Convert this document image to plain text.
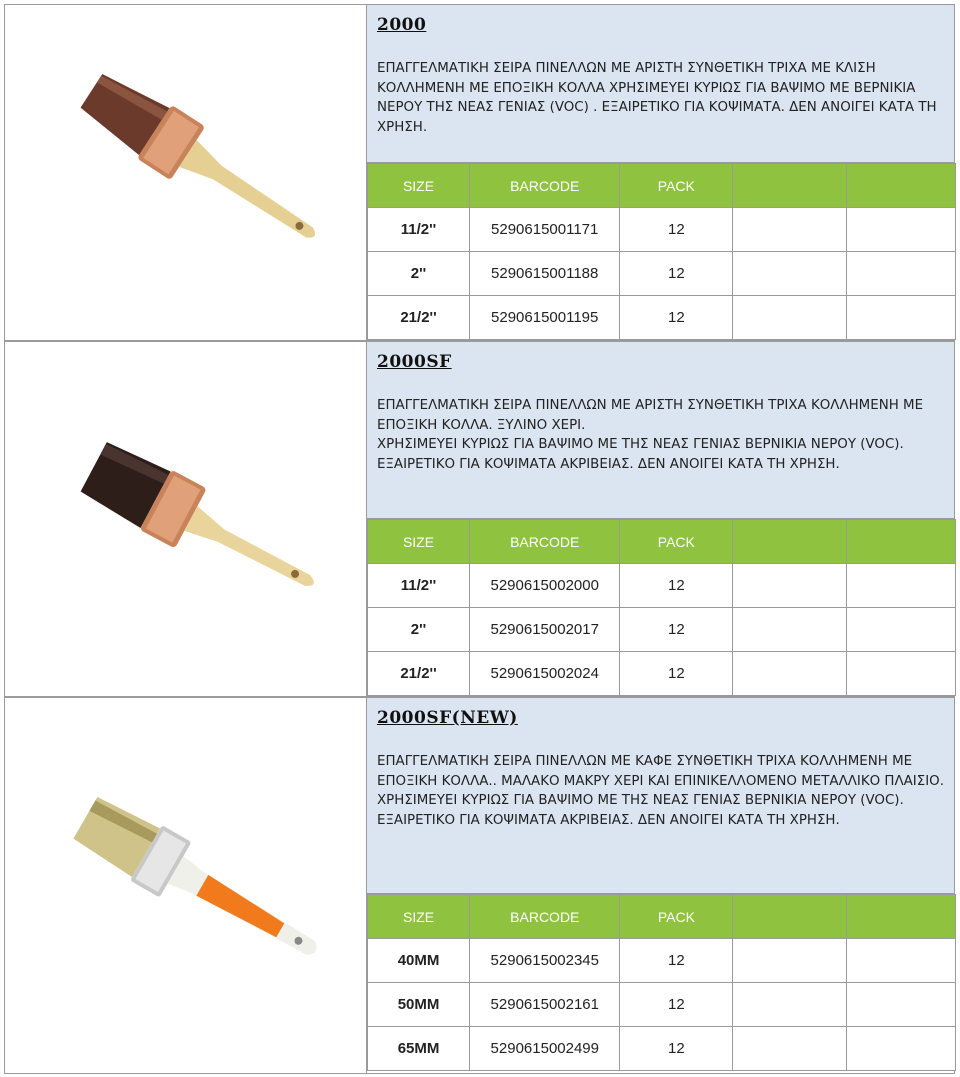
2000

ΕΠΑΓΓΕΛΜΑΤΙΚΗ ΣΕΙΡΑ ΠΙΝΕΛΛΩΝ ΜΕ ΑΡΙΣΤΗ ΣΥΝΘΕΤΙΚΗ ΤΡΙΧΑ ΜΕ ΚΛΙΣΗ ΚΟΛΛΗΜΕΝΗ ΜΕ ΕΠΟΞΙΚΗ ΚΟΛΛΑ ΧΡΗΣΙΜΕΥΕΙ ΚΥΡΙΩΣ ΓΙΑ ΒΑΨΙΜΟ ΜΕ ΒΕΡΝΙΚΙΑ ΝΕΡΟΥ ΤΗΣ ΝΕΑΣ ΓΕΝΙΑΣ (VOC) . ΕΞΑΙΡΕΤΙΚΟ ΓΙΑ ΚΟΨΙΜΑΤΑ. ΔΕΝ ΑΝΟΙΓΕΙ ΚΑΤΑ ΤΗ ΧΡΗΣΗ.

SIZE	BARCODE	PACK		
11/2''	5290615001171	12		
2''	5290615001188	12		
21/2''	5290615001195	12		
2000SF

ΕΠΑΓΓΕΛΜΑΤΙΚΗ ΣΕΙΡΑ ΠΙΝΕΛΛΩΝ ΜΕ ΑΡΙΣΤΗ ΣΥΝΘΕΤΙΚΗ ΤΡΙΧΑ ΚΟΛΛΗΜΕΝΗ ΜΕ ΕΠΟΞΙΚΗ ΚΟΛΛΑ. ΞΥΛΙΝΟ ΧΕΡΙ.

ΧΡΗΣΙΜΕΥΕΙ ΚΥΡΙΩΣ ΓΙΑ ΒΑΨΙΜΟ ΜΕ ΤΗΣ ΝΕΑΣ ΓΕΝΙΑΣ ΒΕΡΝΙΚΙΑ ΝΕΡΟΥ (VOC). ΕΞΑΙΡΕΤΙΚΟ ΓΙΑ ΚΟΨΙΜΑΤΑ ΑΚΡΙΒΕΙΑΣ. ΔΕΝ ΑΝΟΙΓΕΙ ΚΑΤΑ ΤΗ ΧΡΗΣΗ.

SIZE	BARCODE	PACK		
11/2''	5290615002000	12		
2''	5290615002017	12		
21/2''	5290615002024	12		
2000SF(NEW)

ΕΠΑΓΓΕΛΜΑΤΙΚΗ ΣΕΙΡΑ ΠΙΝΕΛΛΩΝ ΜΕ ΚΑΦΕ ΣΥΝΘΕΤΙΚΗ ΤΡΙΧΑ ΚΟΛΛΗΜΕΝΗ ΜΕ ΕΠΟΞΙΚΗ ΚΟΛΛΑ.. ΜΑΛΑΚΟ ΜΑΚΡΥ ΧΕΡΙ ΚΑΙ ΕΠΙΝΙΚΕΛΛΟΜΕΝΟ ΜΕΤΑΛΛΙΚΟ ΠΛΑΙΣΙΟ.

ΧΡΗΣΙΜΕΥΕΙ ΚΥΡΙΩΣ ΓΙΑ ΒΑΨΙΜΟ ΜΕ ΤΗΣ ΝΕΑΣ ΓΕΝΙΑΣ ΒΕΡΝΙΚΙΑ ΝΕΡΟΥ (VOC). ΕΞΑΙΡΕΤΙΚΟ ΓΙΑ ΚΟΨΙΜΑΤΑ ΑΚΡΙΒΕΙΑΣ. ΔΕΝ ΑΝΟΙΓΕΙ ΚΑΤΑ ΤΗ ΧΡΗΣΗ.

SIZE	BARCODE	PACK		
40MM	5290615002345	12		
50MM	5290615002161	12		
65MM	5290615002499	12		
